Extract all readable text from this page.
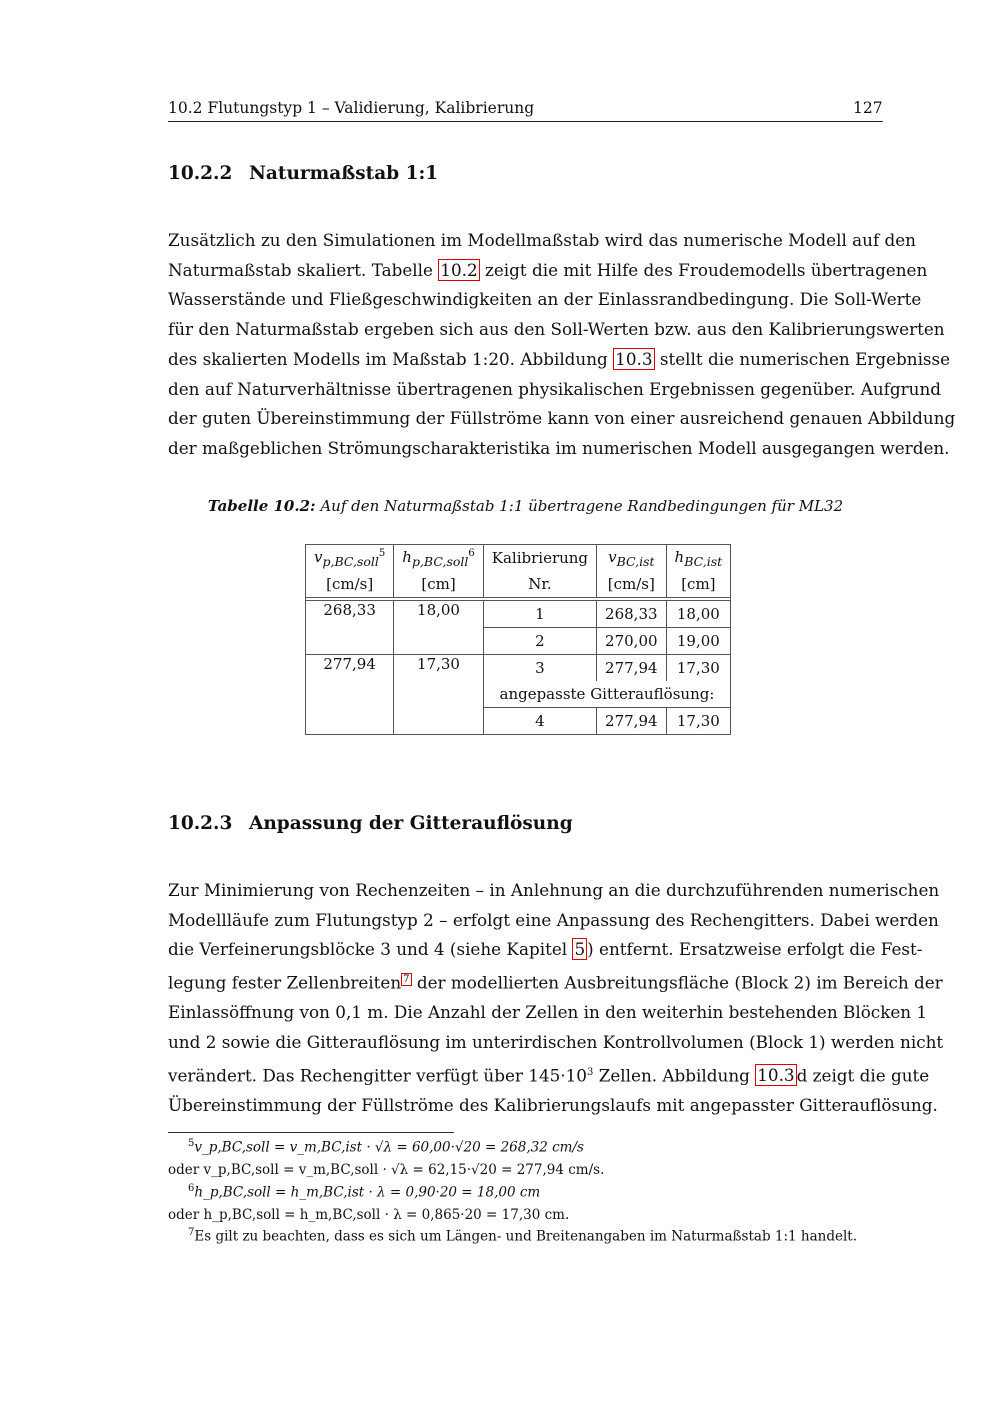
10.2 Flutungstyp 1 – Validierung, Kalibrierung	127
10.2.2 Naturmaßstab 1:1
Zusätzlich zu den Simulationen im Modellmaßstab wird das numerische Modell auf den
Naturmaßstab skaliert. Tabelle 10.2 zeigt die mit Hilfe des Froudemodells übertragenen
Wasserstände und Fließgeschwindigkeiten an der Einlassrandbedingung. Die Soll-Werte
für den Naturmaßstab ergeben sich aus den Soll-Werten bzw. aus den Kalibrierungswerten
des skalierten Modells im Maßstab 1:20. Abbildung 10.3 stellt die numerischen Ergebnisse
den auf Naturverhältnisse übertragenen physikalischen Ergebnissen gegenüber. Aufgrund
der guten Übereinstimmung der Füllströme kann von einer ausreichend genauen Abbildung
der maßgeblichen Strömungscharakteristika im numerischen Modell ausgegangen werden.
Tabelle 10.2: Auf den Naturmaßstab 1:1 übertragene Randbedingungen für ML32
$v_{p,BC,soll}^5$	$h_{p,BC,soll}^6$	Kalibrierung	$v_{BC,ist}$	$h_{BC,ist}$
[cm/s]	[cm]	Nr.	[cm/s]	[cm]

268,33	18,00	1	268,33	18,00
		2	270,00	19,00
277,94	17,30	3	277,94	17,30
		angepasste Gitterauflösung:		
		4	277,94	17,30
10.2.3 Anpassung der Gitterauflösung
Zur Minimierung von Rechenzeiten – in Anlehnung an die durchzuführenden numerischen
Modellläufe zum Flutungstyp 2 – erfolgt eine Anpassung des Rechengitters. Dabei werden
die Verfeinerungsblöcke 3 und 4 (siehe Kapitel 5 ) entfernt. Ersatzweise erfolgt die Fest-
legung fester Zellenbreiten $^7$ der modellierten Ausbreitungsfläche (Block 2) im Bereich der
Einlassöffnung von 0,1 m. Die Anzahl der Zellen in den weiterhin bestehenden Blöcken 1
und 2 sowie die Gitterauflösung im unterirdischen Kontrollvolumen (Block 1) werden nicht
verändert. Das Rechengitter verfügt über $145\cdot 10^3$ Zellen. Abbildung 10.3 d zeigt die gute
Übereinstimmung der Füllströme des Kalibrierungslaufs mit angepasster Gitterauflösung.
$^5$v_p,BC,soll = v_m,BC,ist · √λ = 60,00·√20 = 268,32 cm/s
oder v_p,BC,soll = v_m,BC,soll · √λ = 62,15·√20 = 277,94 cm/s.
$^6$h_p,BC,soll = h_m,BC,ist · λ = 0,90·20 = 18,00 cm
oder h_p,BC,soll = h_m,BC,soll · λ = 0,865·20 = 17,30 cm.
$^7$Es gilt zu beachten, dass es sich um Längen- und Breitenangaben im Naturmaßstab 1:1 handelt.
